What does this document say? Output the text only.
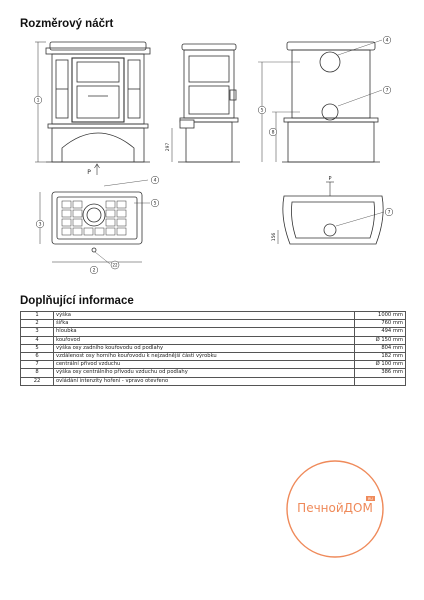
Rozměrový náčrt
1
297
5
8
4
7
4
5
3
2
22
7
156
P
P
Doplňující informace
1	výška	1000 mm
2	šířka	760 mm
3	hloubka	494 mm
4	kouřovod	Ø 150 mm
5	výška osy zadního kouřovodu od podlahy	804 mm
6	vzdálenost osy horního kouřovodu k nejzadnější části výrobku	182 mm
7	centrální přívod vzduchu	Ø 100 mm
8	výška osy centrálního přívodu vzduchu od podlahy	386 mm
22	ovládání intenzity hoření - vpravo otevřeno	
RU
ПечнойДОМ
